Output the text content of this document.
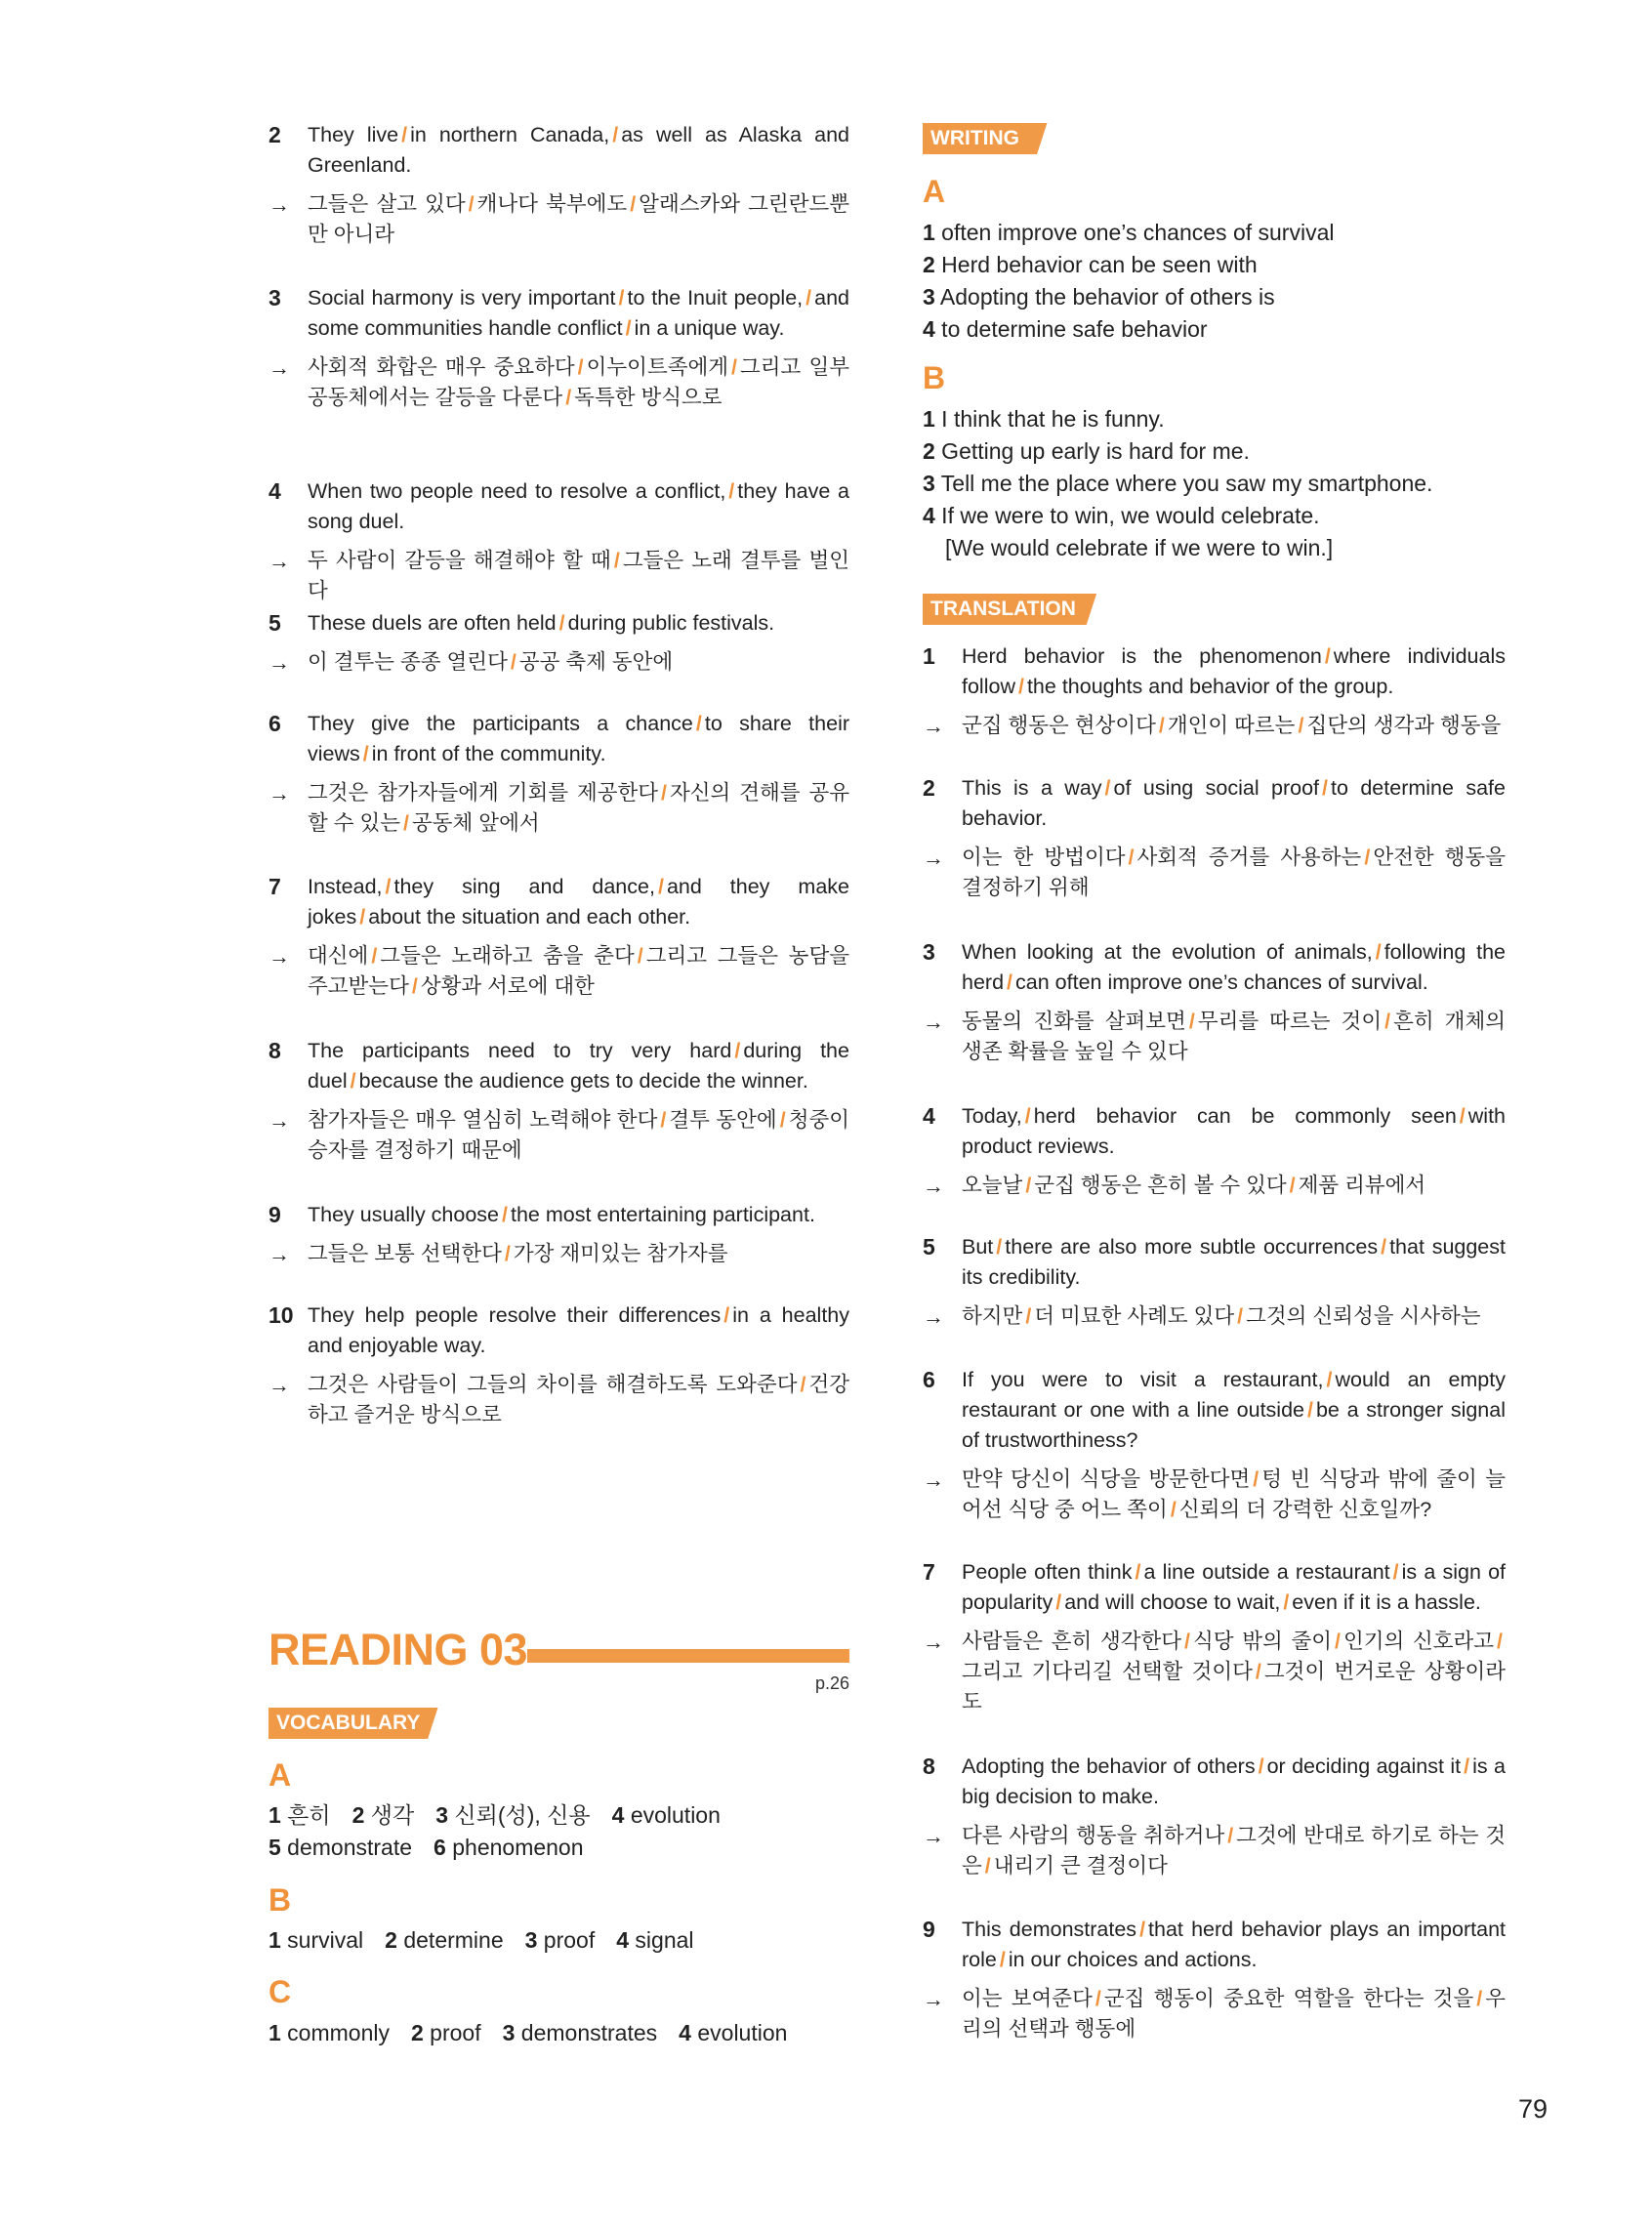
2	They live / in northern Canada, / as well as Alaska and Greenland.
→ 그들은 살고 있다 / 캐나다 북부에도 / 알래스카와 그린란드뿐 만 아니라
3	Social harmony is very important / to the Inuit people, / and some communities handle conflict / in a unique way.
→ 사회적 화합은 매우 중요하다 / 이누이트족에게 / 그리고 일부 공동체에서는 갈등을 다룬다 / 독특한 방식으로
4	When two people need to resolve a conflict, / they have a song duel.
→ 두 사람이 갈등을 해결해야 할 때 / 그들은 노래 결투를 벌인다
5	These duels are often held / during public festivals.
→ 이 결투는 종종 열린다 / 공공 축제 동안에
6	They give the participants a chance / to share their views / in front of the community.
→ 그것은 참가자들에게 기회를 제공한다 / 자신의 견해를 공유할 수 있는 / 공동체 앞에서
7	Instead, / they sing and dance, / and they make jokes / about the situation and each other.
→ 대신에 / 그들은 노래하고 춤을 춘다 / 그리고 그들은 농담을 주고받는다 / 상황과 서로에 대한
8	The participants need to try very hard / during the duel / because the audience gets to decide the winner.
→ 참가자들은 매우 열심히 노력해야 한다 / 결투 동안에 / 청중이 승자를 결정하기 때문에
9	They usually choose / the most entertaining participant.
→ 그들은 보통 선택한다 / 가장 재미있는 참가자를
10 They help people resolve their differences / in a healthy and enjoyable way.
→ 그것은 사람들이 그들의 차이를 해결하도록 도와준다 / 건강하고 즐거운 방식으로
READING 03
p.26
VOCABULARY
A
1 흔히 2 생각 3 신뢰(성), 신용 4 evolution
5 demonstrate 6 phenomenon
B
1 survival 2 determine 3 proof 4 signal
C
1 commonly 2 proof 3 demonstrates 4 evolution
WRITING
A
1 often improve one’s chances of survival
2 Herd behavior can be seen with
3 Adopting the behavior of others is
4 to determine safe behavior
B
1 I think that he is funny.
2 Getting up early is hard for me.
3 Tell me the place where you saw my smartphone.
4 If we were to win, we would celebrate.
[We would celebrate if we were to win.]
TRANSLATION
1	Herd behavior is the phenomenon / where individuals follow / the thoughts and behavior of the group.
→ 군집 행동은 현상이다 / 개인이 따르는 / 집단의 생각과 행동을
2	This is a way / of using social proof / to determine safe behavior.
→ 이는 한 방법이다 / 사회적 증거를 사용하는 / 안전한 행동을 결정하기 위해
3	When looking at the evolution of animals, / following the herd / can often improve one’s chances of survival.
→ 동물의 진화를 살펴보면 / 무리를 따르는 것이 / 흔히 개체의 생존 확률을 높일 수 있다
4	Today, / herd behavior can be commonly seen / with product reviews.
→ 오늘날 / 군집 행동은 흔히 볼 수 있다 / 제품 리뷰에서
5	But / there are also more subtle occurrences / that suggest its credibility.
→ 하지만 / 더 미묘한 사례도 있다 / 그것의 신뢰성을 시사하는
6	If you were to visit a restaurant, / would an empty restaurant or one with a line outside / be a stronger signal of trustworthiness?
→ 만약 당신이 식당을 방문한다면 / 텅 빈 식당과 밖에 줄이 늘어선 식당 중 어느 쪽이 / 신뢰의 더 강력한 신호일까?
7	People often think / a line outside a restaurant / is a sign of popularity / and will choose to wait, / even if it is a hassle.
→ 사람들은 흔히 생각한다 / 식당 밖의 줄이 / 인기의 신호라고 /그리고 기다리길 선택할 것이다 / 그것이 번거로운 상황이라도
8	Adopting the behavior of others / or deciding against it / is a big decision to make.
→ 다른 사람의 행동을 취하거나 / 그것에 반대로 하기로 하는 것은 / 내리기 큰 결정이다
9	This demonstrates / that herd behavior plays an important role / in our choices and actions.
→ 이는 보여준다 / 군집 행동이 중요한 역할을 한다는 것을 / 우리의 선택과 행동에
79
